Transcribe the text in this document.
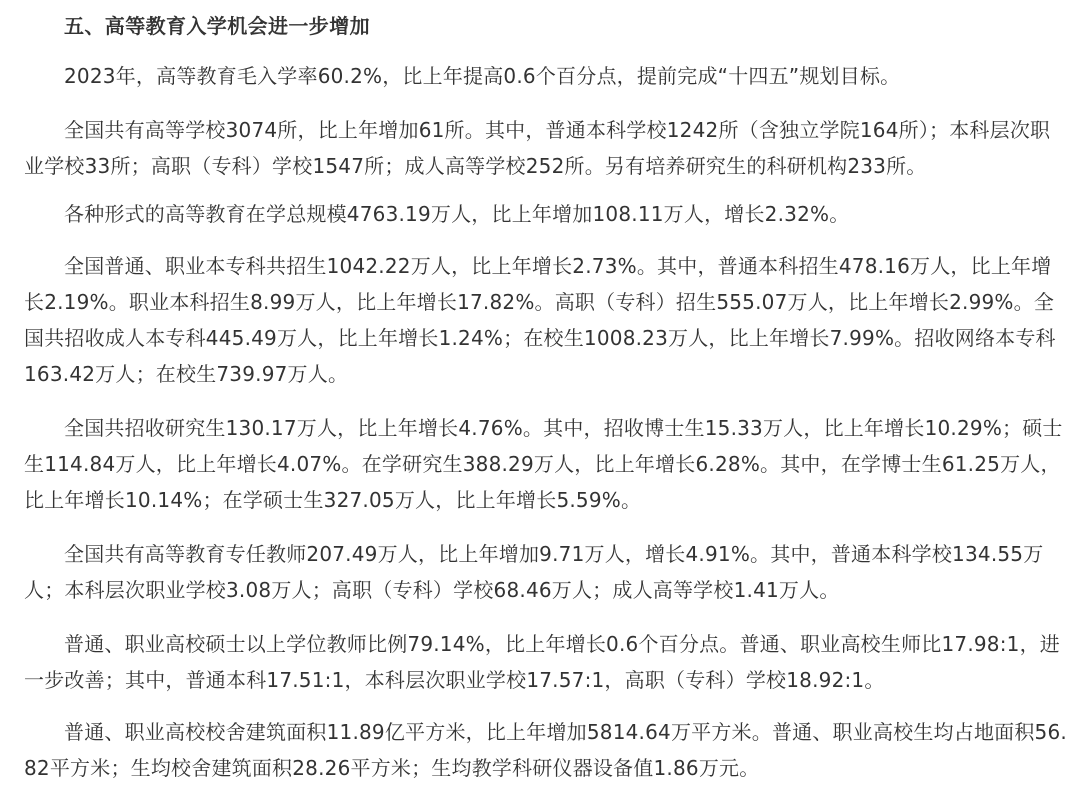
五、高等教育入学机会进一步增加

2023年，高等教育毛入学率60.2%，比上年提高0.6个百分点，提前完成“十四五”规划目标。

全国共有高等学校3074所，比上年增加61所。其中，普通本科学校1242所（含独立学院164所）；本科层次职业学校33所；高职（专科）学校1547所；成人高等学校252所。另有培养研究生的科研机构233所。

各种形式的高等教育在学总规模4763.19万人，比上年增加108.11万人，增长2.32%。

全国普通、职业本专科共招生1042.22万人，比上年增长2.73%。其中，普通本科招生478.16万人，比上年增长2.19%。职业本科招生8.99万人，比上年增长17.82%。高职（专科）招生555.07万人，比上年增长2.99%。全国共招收成人本专科445.49万人，比上年增长1.24%；在校生1008.23万人，比上年增长7.99%。招收网络本专科163.42万人；在校生739.97万人。

全国共招收研究生130.17万人，比上年增长4.76%。其中，招收博士生15.33万人，比上年增长10.29%；硕士生114.84万人，比上年增长4.07%。在学研究生388.29万人，比上年增长6.28%。其中，在学博士生61.25万人，比上年增长10.14%；在学硕士生327.05万人，比上年增长5.59%。

全国共有高等教育专任教师207.49万人，比上年增加9.71万人，增长4.91%。其中，普通本科学校134.55万人；本科层次职业学校3.08万人；高职（专科）学校68.46万人；成人高等学校1.41万人。

普通、职业高校硕士以上学位教师比例79.14%，比上年增长0.6个百分点。普通、职业高校生师比17.98:1，进一步改善；其中，普通本科17.51:1，本科层次职业学校17.57:1，高职（专科）学校18.92:1。

普通、职业高校校舍建筑面积11.89亿平方米，比上年增加5814.64万平方米。普通、职业高校生均占地面积56.82平方米；生均校舍建筑面积28.26平方米；生均教学科研仪器设备值1.86万元。
